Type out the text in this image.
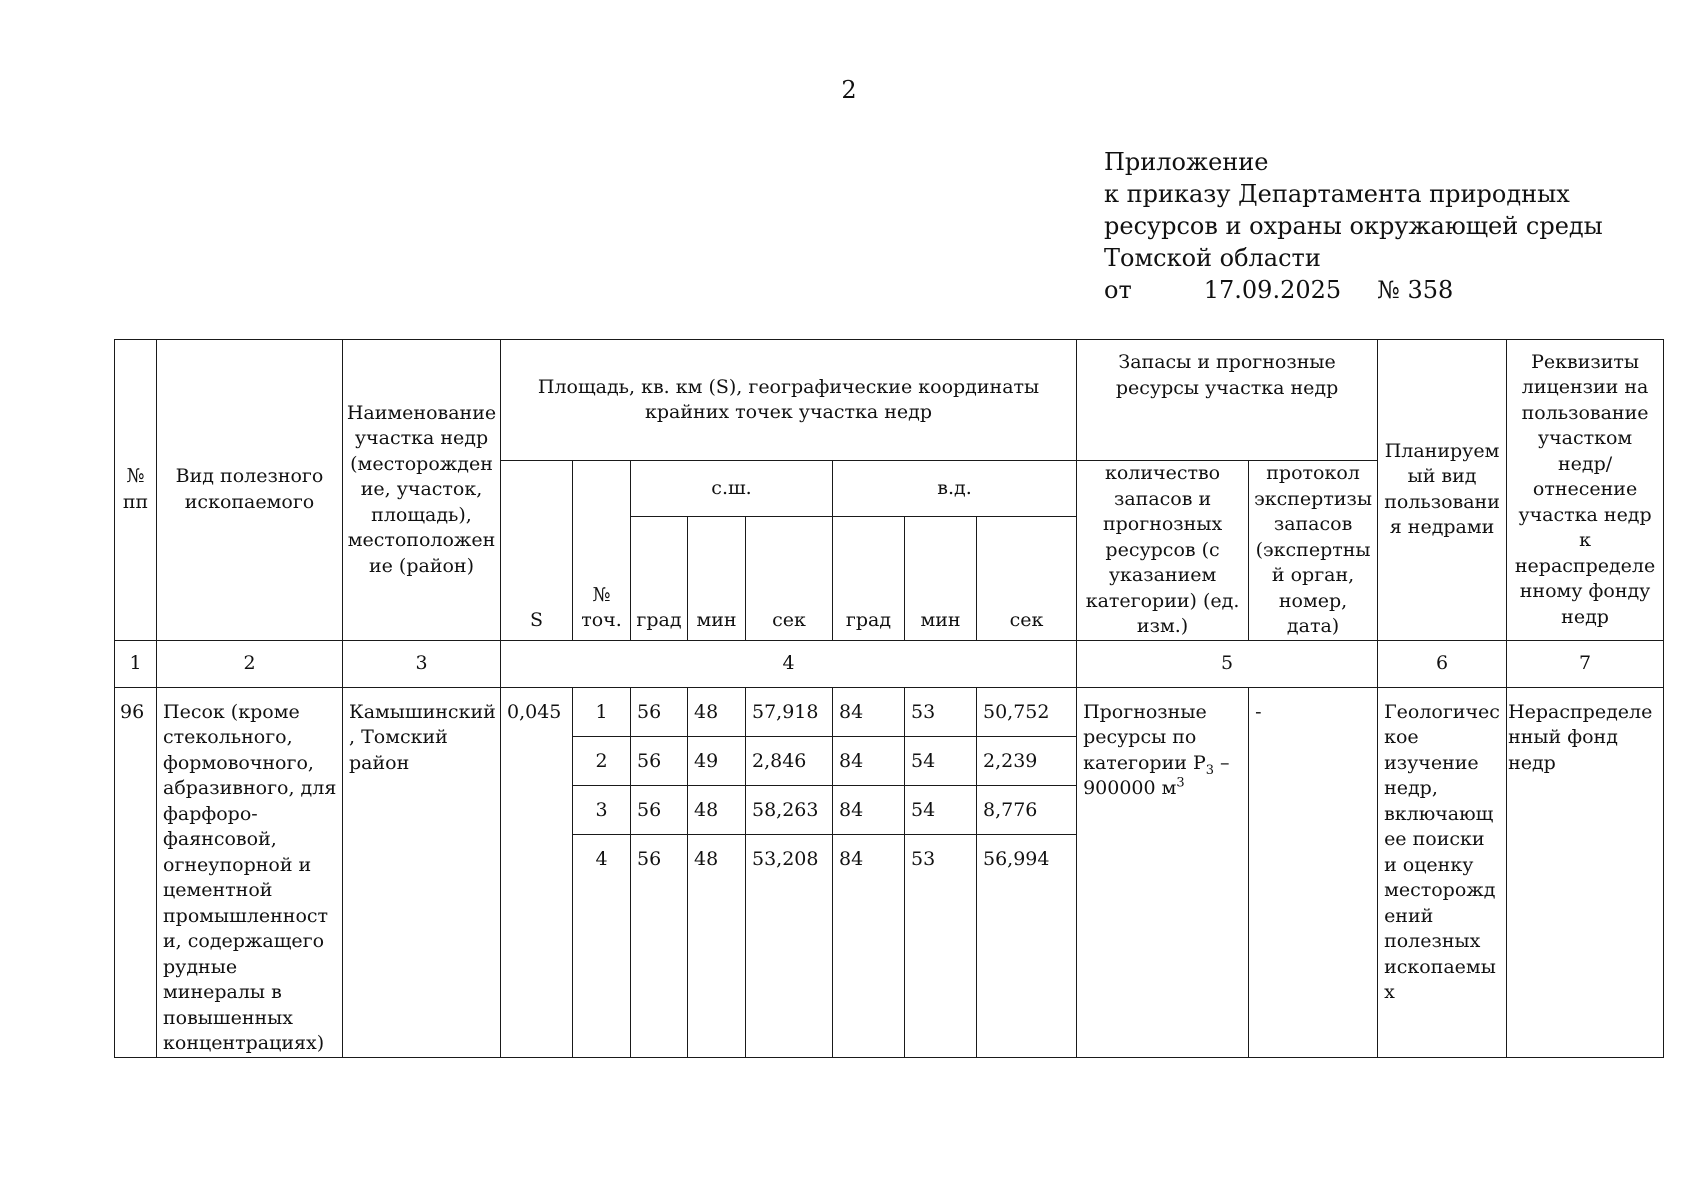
2
Приложение
к приказу Департамента природных
ресурсов и охраны окружающей среды
Томской области
от	17.09.2025 № 358
№ пп	Вид полезного ископаемого	Наименование участка недр (месторождение, участок, площадь), местоположение (район)	Площадь, кв. км (S), географические координаты крайних точек участка недр								Запасы и прогнозные ресурсы участка недр		Планируемый вид пользования недрами	Реквизиты лицензии на пользование участком недр/ отнесение участка недр к нераспределенному фонду недр
			S	№ точ.	с.ш.			в.д.			количество запасов и прогнозных ресурсов (с указанием категории) (ед. изм.)	протокол экспертизы запасов (экспертный орган, номер, дата)		
					град	мин	сек	град	мин	сек				
1	2	3	4								5		6	7
96	Песок (кроме стекольного, формовочного, абразивного, для фарфоро-фаянсовой, огнеупорной и цементной промышленности, содержащего рудные минералы в повышенных концентрациях)	Камышинский, Томский район	0,045	1	56	48	57,918	84	53	50,752	Прогнозные ресурсы по категории $Р_3 - 900000$ $м^3$	-	Геологическое изучение недр, включающее поиски и оценку месторождений полезных ископаемых	Нераспределенный фонд недр
				2	56	49	2,846	84	54	2,239				
				3	56	48	58,263	84	54	8,776				
				4	56	48	53,208	84	53	56,994				
